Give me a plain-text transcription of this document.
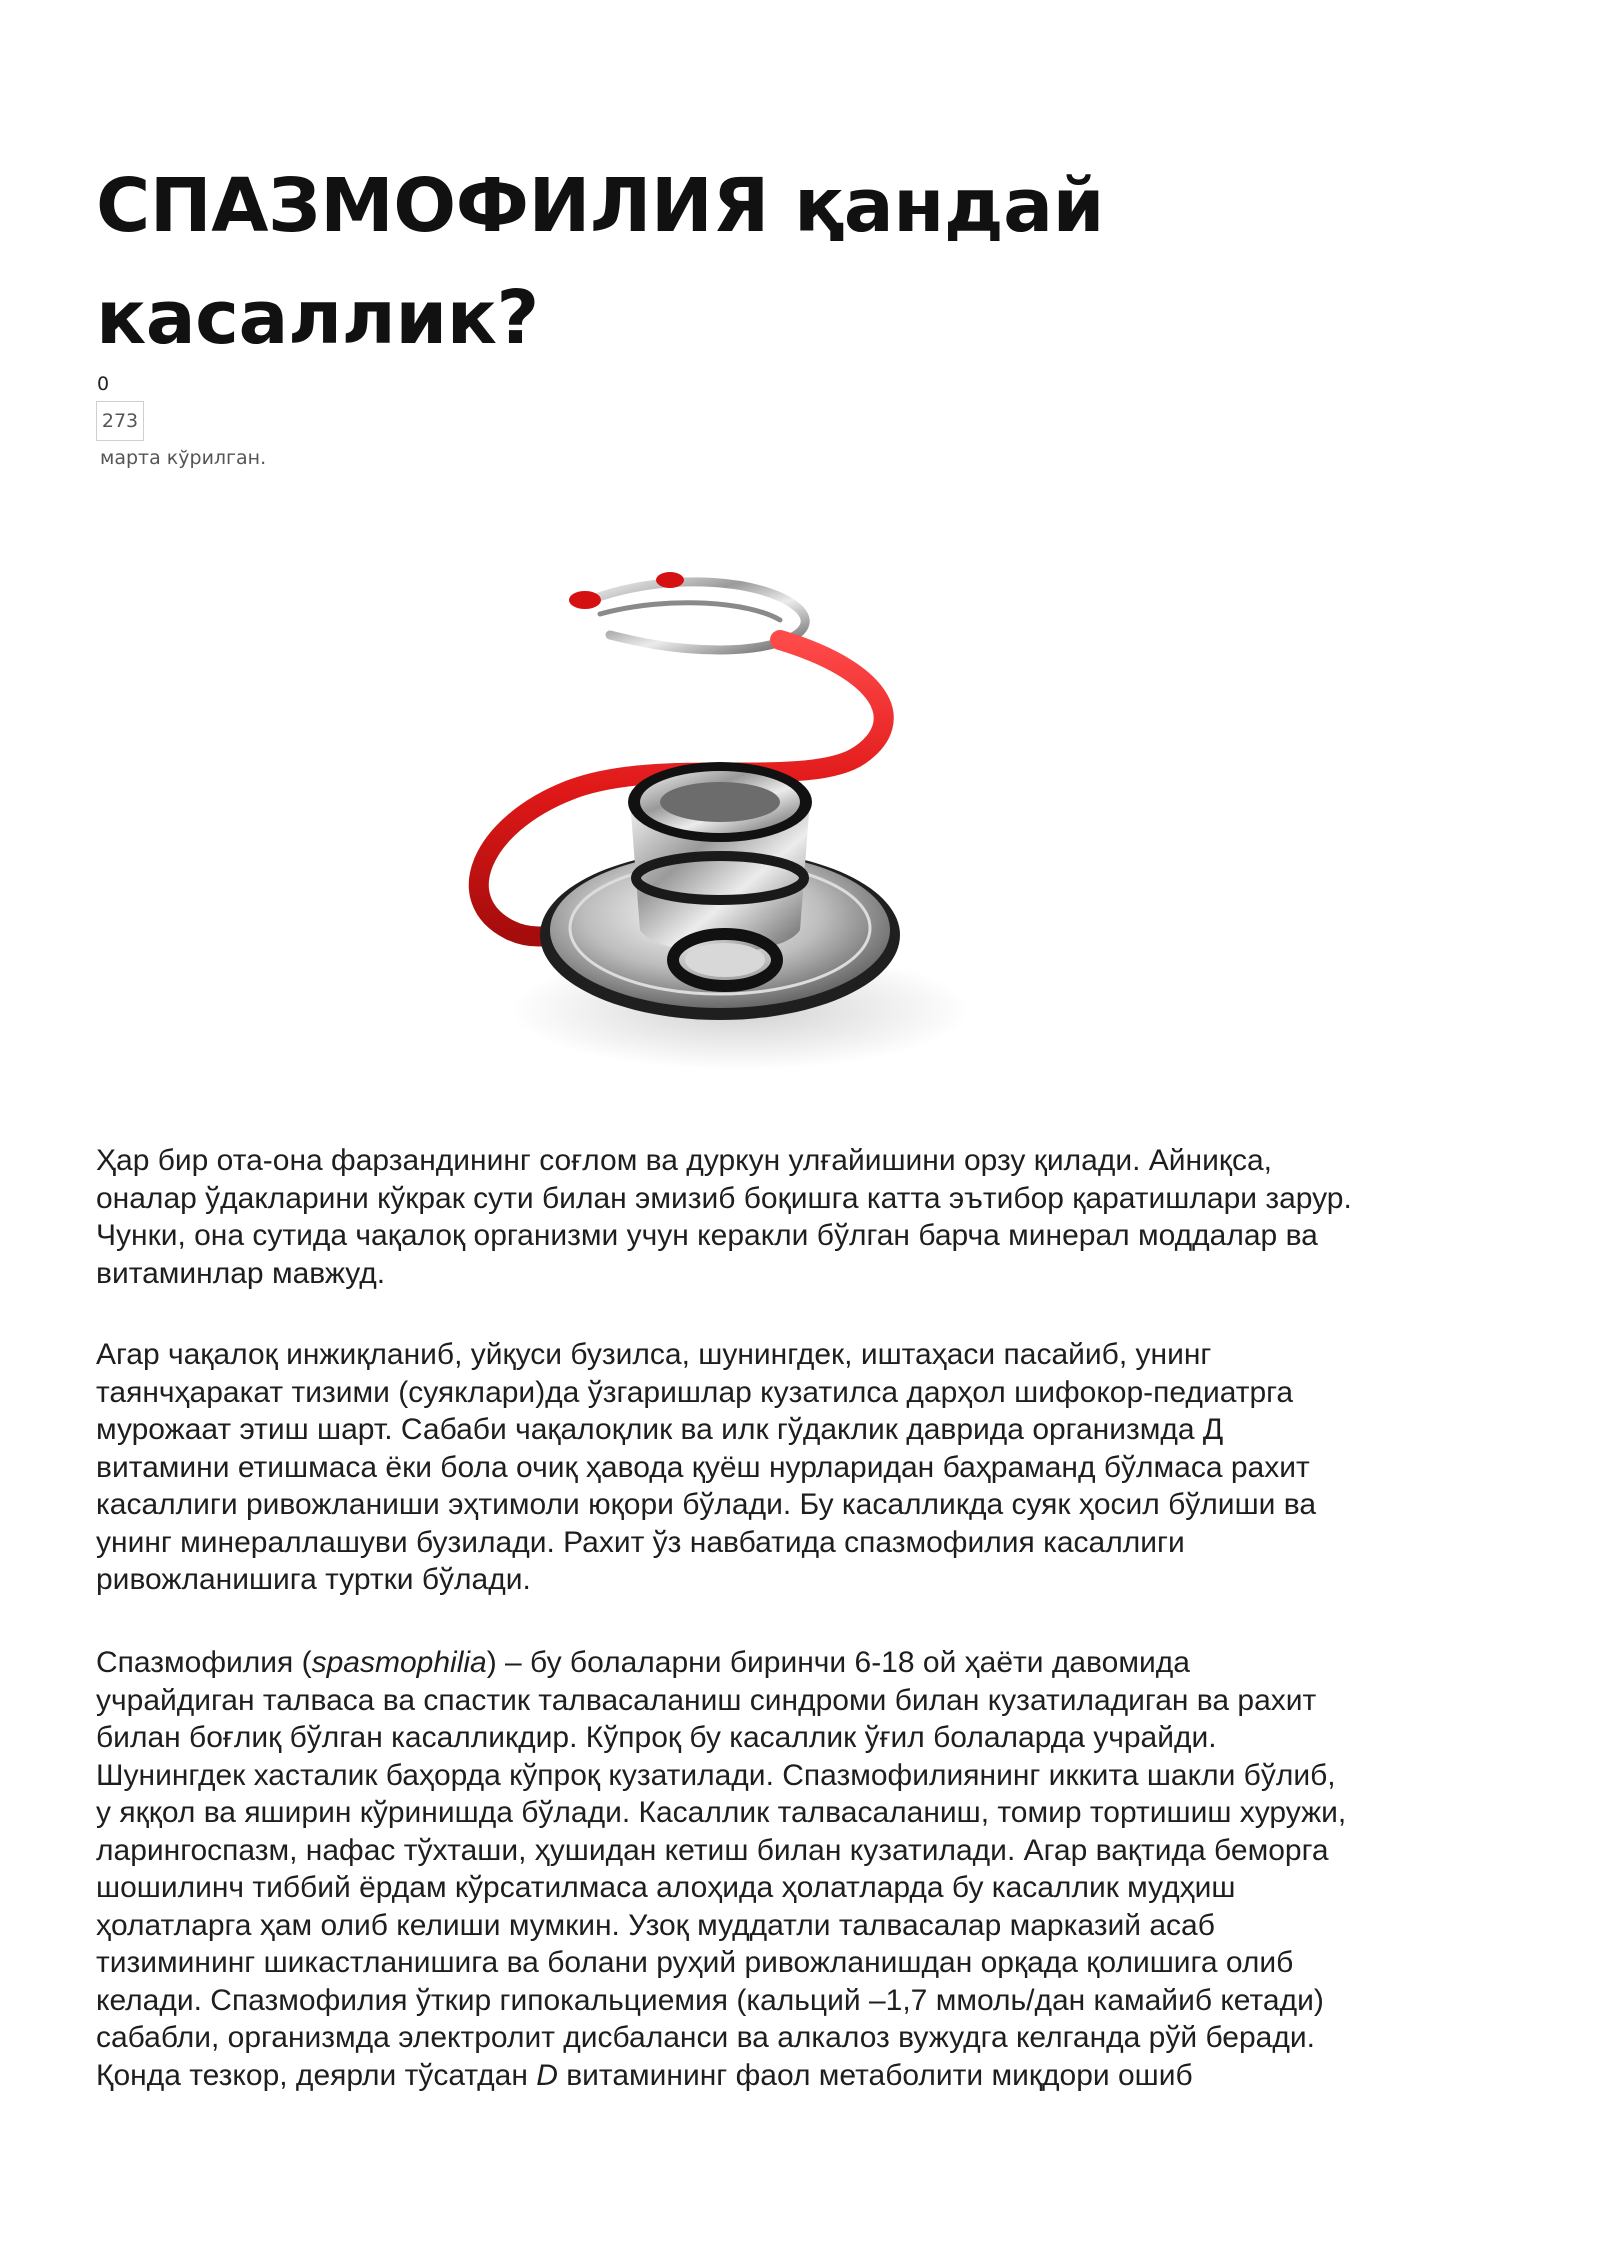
СПАЗМОФИЛИЯ қандай
касаллик?
0
273
марта кўрилган.

Ҳар бир ота-она фарзандининг соғлом ва дуркун улғайишини орзу қилади. Айниқса,
оналар ўдакларини кўкрак сути билан эмизиб боқишга катта эътибор қаратишлари зарур.
Чунки, она сутида чақалоқ организми учун керакли бўлган барча минерал моддалар ва
витаминлар мавжуд.

Агар чақалоқ инжиқланиб, уйқуси бузилса, шунингдек, иштаҳаси пасайиб, унинг
таянчҳаракат тизими (суяклари)да ўзгаришлар кузатилса дарҳол шифокор-педиатрга
мурожаат этиш шарт. Сабаби чақалоқлик ва илк гўдаклик даврида организмда Д
витамини етишмаса ёки бола очиқ ҳавода қуёш нурларидан баҳраманд бўлмаса рахит
касаллиги ривожланиши эҳтимоли юқори бўлади. Бу касалликда суяк ҳосил бўлиши ва
унинг минераллашуви бузилади. Рахит ўз навбатида спазмофилия касаллиги
ривожланишига туртки бўлади.

Спазмофилия (spasmophilia) – бу болаларни биринчи 6-18 ой ҳаёти давомида
учрайдиган талваса ва спастик талвасаланиш синдроми билан кузатиладиган ва рахит
билан боғлиқ бўлган касалликдир. Кўпроқ бу касаллик ўғил болаларда учрайди.
Шунингдек хасталик баҳорда кўпроқ кузатилади. Спазмофилиянинг иккита шакли бўлиб,
у яққол ва яширин кўринишда бўлади. Касаллик талвасаланиш, томир тортишиш хуружи,
ларингоспазм, нафас тўхташи, ҳушидан кетиш билан кузатилади. Агар вақтида беморга
шошилинч тиббий ёрдам кўрсатилмаса алоҳида ҳолатларда бу касаллик мудҳиш
ҳолатларга ҳам олиб келиши мумкин. Узоқ муддатли талвасалар марказий асаб
тизимининг шикастланишига ва болани руҳий ривожланишдан орқада қолишига олиб
келади. Спазмофилия ўткир гипокальциемия (кальций –1,7 ммоль/дан камайиб кетади)
сабабли, организмда электролит дисбаланси ва алкалоз вужудга келганда рўй беради.
Қонда тезкор, деярли тўсатдан D витамининг фаол метаболити миқдори ошиб
